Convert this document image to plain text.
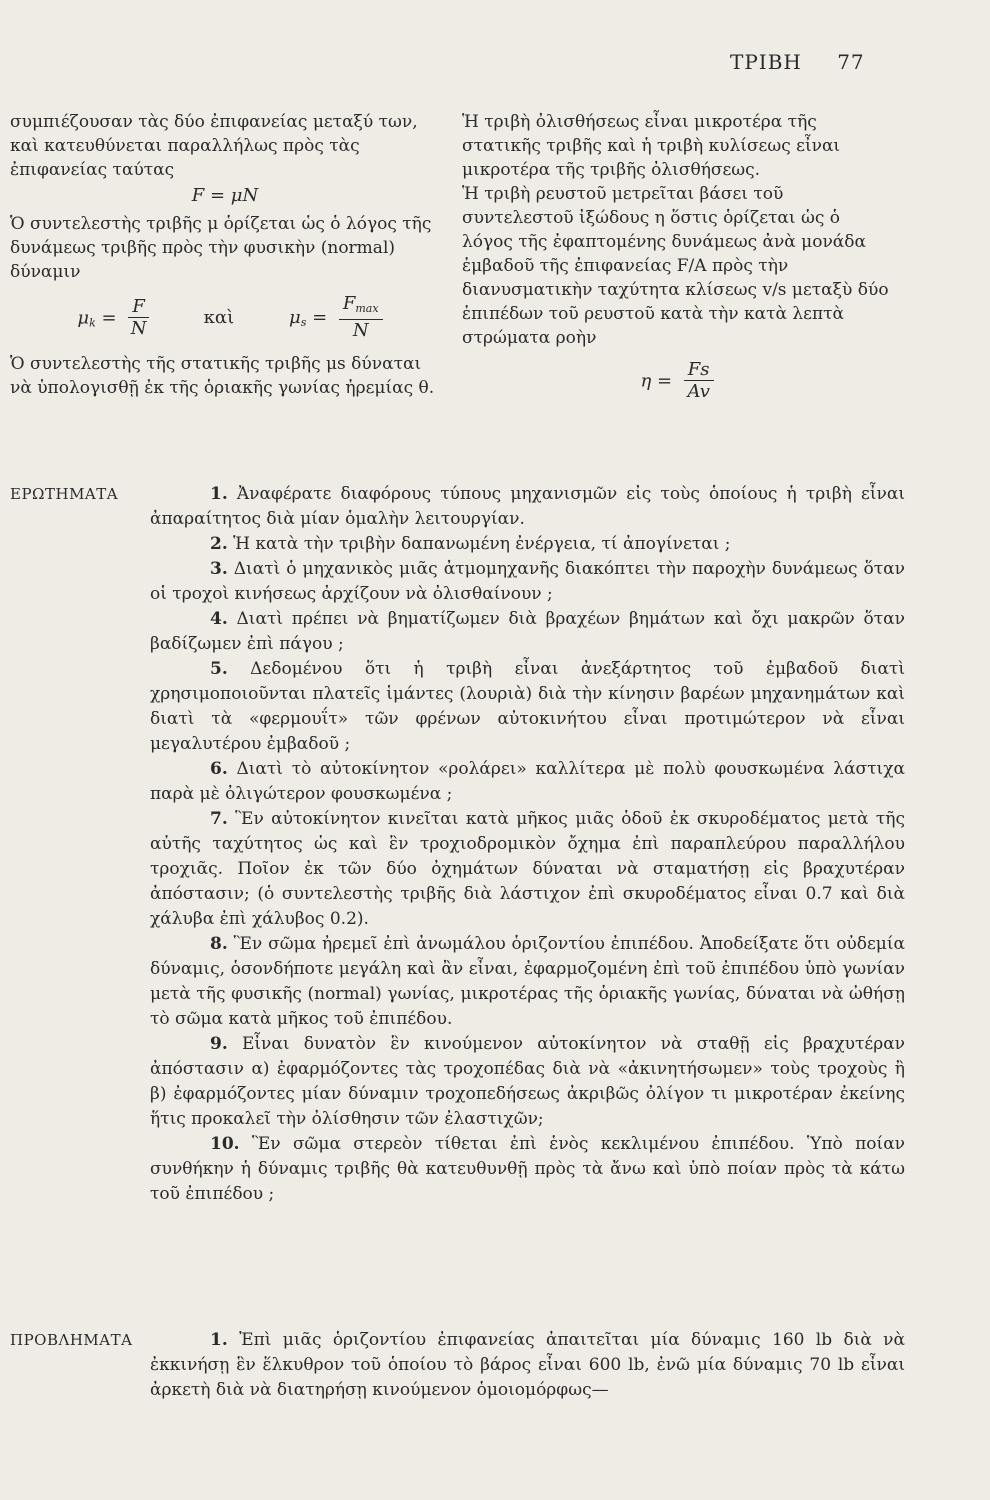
ΤΡΙΒΗ 77

συμπιέζουσαν τὰς δύο ἐπιφανείας μεταξύ των, καὶ κατευθύνεται παραλλήλως πρὸς τὰς ἐπιφανείας ταύτας

F = μN

Ὁ συντελεστὴς τριβῆς μ ὁρίζεται ὡς ὁ λόγος τῆς δυνάμεως τριβῆς πρὸς τὴν φυσικὴν (normal) δύναμιν

$\mu_k = \frac{F}{N}$	καὶ	$\mu_s = \frac{F_{max}}{N}$

Ὁ συντελεστὴς τῆς στατικῆς τριβῆς μs δύναται νὰ ὑπολογισθῇ ἐκ τῆς ὁριακῆς γωνίας ἠρεμίας θ.

Ἡ τριβὴ ὀλισθήσεως εἶναι μικροτέρα τῆς στατικῆς τριβῆς καὶ ἡ τριβὴ κυλίσεως εἶναι μικροτέρα τῆς τριβῆς ὀλισθήσεως.

Ἡ τριβὴ ρευστοῦ μετρεῖται βάσει τοῦ συντελεστοῦ ἰξώδους η ὅστις ὁρίζεται ὡς ὁ λόγος τῆς ἐφαπτομένης δυνάμεως ἀνὰ μονάδα ἐμβαδοῦ τῆς ἐπιφανείας F/A πρὸς τὴν διανυσματικὴν ταχύτητα κλίσεως v/s μεταξὺ δύο ἐπιπέδων τοῦ ρευστοῦ κατὰ τὴν κατὰ λεπτὰ στρώματα ροὴν

$\eta = \frac{Fs}{Av}$
ΕΡΩΤΗΜΑΤΑ	1. Ἀναφέρατε διαφόρους τύπους μηχανισμῶν εἰς τοὺς ὁποίους ἡ τριβὴ εἶναι ἀπαραίτητος διὰ μίαν ὁμαλὴν λειτουργίαν.

2. Ἡ κατὰ τὴν τριβὴν δαπανωμένη ἐνέργεια, τί ἀπογίνεται ;

3. Διατὶ ὁ μηχανικὸς μιᾶς ἀτμομηχανῆς διακόπτει τὴν παροχὴν δυνάμεως ὅταν οἱ τροχοὶ κινήσεως ἀρχίζουν νὰ ὀλισθαίνουν ;

4. Διατὶ πρέπει νὰ βηματίζωμεν διὰ βραχέων βημάτων καὶ ὄχι μακρῶν ὅταν βαδίζωμεν ἐπὶ πάγου ;

5. Δεδομένου ὅτι ἡ τριβὴ εἶναι ἀνεξάρτητος τοῦ ἐμβαδοῦ διατὶ χρησιμοποιοῦνται πλατεῖς ἱμάντες (λουριὰ) διὰ τὴν κίνησιν βαρέων μηχανημάτων καὶ διατὶ τὰ «φερμουΐτ» τῶν φρένων αὐτοκινήτου εἶναι προτιμώτερον νὰ εἶναι μεγαλυτέρου ἐμβαδοῦ ;

6. Διατὶ τὸ αὐτοκίνητον «ρολάρει» καλλίτερα μὲ πολὺ φουσκωμένα λάστιχα παρὰ μὲ ὀλιγώτερον φουσκωμένα ;

7. Ἓν αὐτοκίνητον κινεῖται κατὰ μῆκος μιᾶς ὁδοῦ ἐκ σκυροδέματος μετὰ τῆς αὐτῆς ταχύτητος ὡς καὶ ἓν τροχιοδρομικὸν ὄχημα ἐπὶ παραπλεύρου παραλλήλου τροχιᾶς. Ποῖον ἐκ τῶν δύο ὀχημάτων δύναται νὰ σταματήσῃ εἰς βραχυτέραν ἀπόστασιν; (ὁ συντελεστὴς τριβῆς διὰ λάστιχον ἐπὶ σκυροδέματος εἶναι 0.7 καὶ διὰ χάλυβα ἐπὶ χάλυβος 0.2).

8. Ἓν σῶμα ἠρεμεῖ ἐπὶ ἀνωμάλου ὁριζοντίου ἐπιπέδου. Ἀποδείξατε ὅτι οὐδεμία δύναμις, ὁσονδήποτε μεγάλη καὶ ἂν εἶναι, ἐφαρμοζομένη ἐπὶ τοῦ ἐπιπέδου ὑπὸ γωνίαν μετὰ τῆς φυσικῆς (normal) γωνίας, μικροτέρας τῆς ὁριακῆς γωνίας, δύναται νὰ ὠθήσῃ τὸ σῶμα κατὰ μῆκος τοῦ ἐπιπέδου.

9. Εἶναι δυνατὸν ἓν κινούμενον αὐτοκίνητον νὰ σταθῇ εἰς βραχυτέραν ἀπόστασιν α) ἐφαρμόζοντες τὰς τροχοπέδας διὰ νὰ «ἀκινητήσωμεν» τοὺς τροχοὺς ἢ β) ἐφαρμόζοντες μίαν δύναμιν τροχοπεδήσεως ἀκριβῶς ὀλίγον τι μικροτέραν ἐκείνης ἥτις προκαλεῖ τὴν ὀλίσθησιν τῶν ἐλαστιχῶν;

10. Ἓν σῶμα στερεὸν τίθεται ἐπὶ ἑνὸς κεκλιμένου ἐπιπέδου. Ὑπὸ ποίαν συνθήκην ἡ δύναμις τριβῆς θὰ κατευθυνθῇ πρὸς τὰ ἄνω καὶ ὑπὸ ποίαν πρὸς τὰ κάτω τοῦ ἐπιπέδου ;

ΠΡΟΒΛΗΜΑΤΑ	1. Ἐπὶ μιᾶς ὁριζοντίου ἐπιφανείας ἀπαιτεῖται μία δύναμις 160 lb διὰ νὰ ἐκκινήσῃ ἓν ἕλκυθρον τοῦ ὁποίου τὸ βάρος εἶναι 600 lb, ἐνῶ μία δύναμις 70 lb εἶναι ἀρκετὴ διὰ νὰ διατηρήσῃ κινούμενον ὁμοιομόρφως—
